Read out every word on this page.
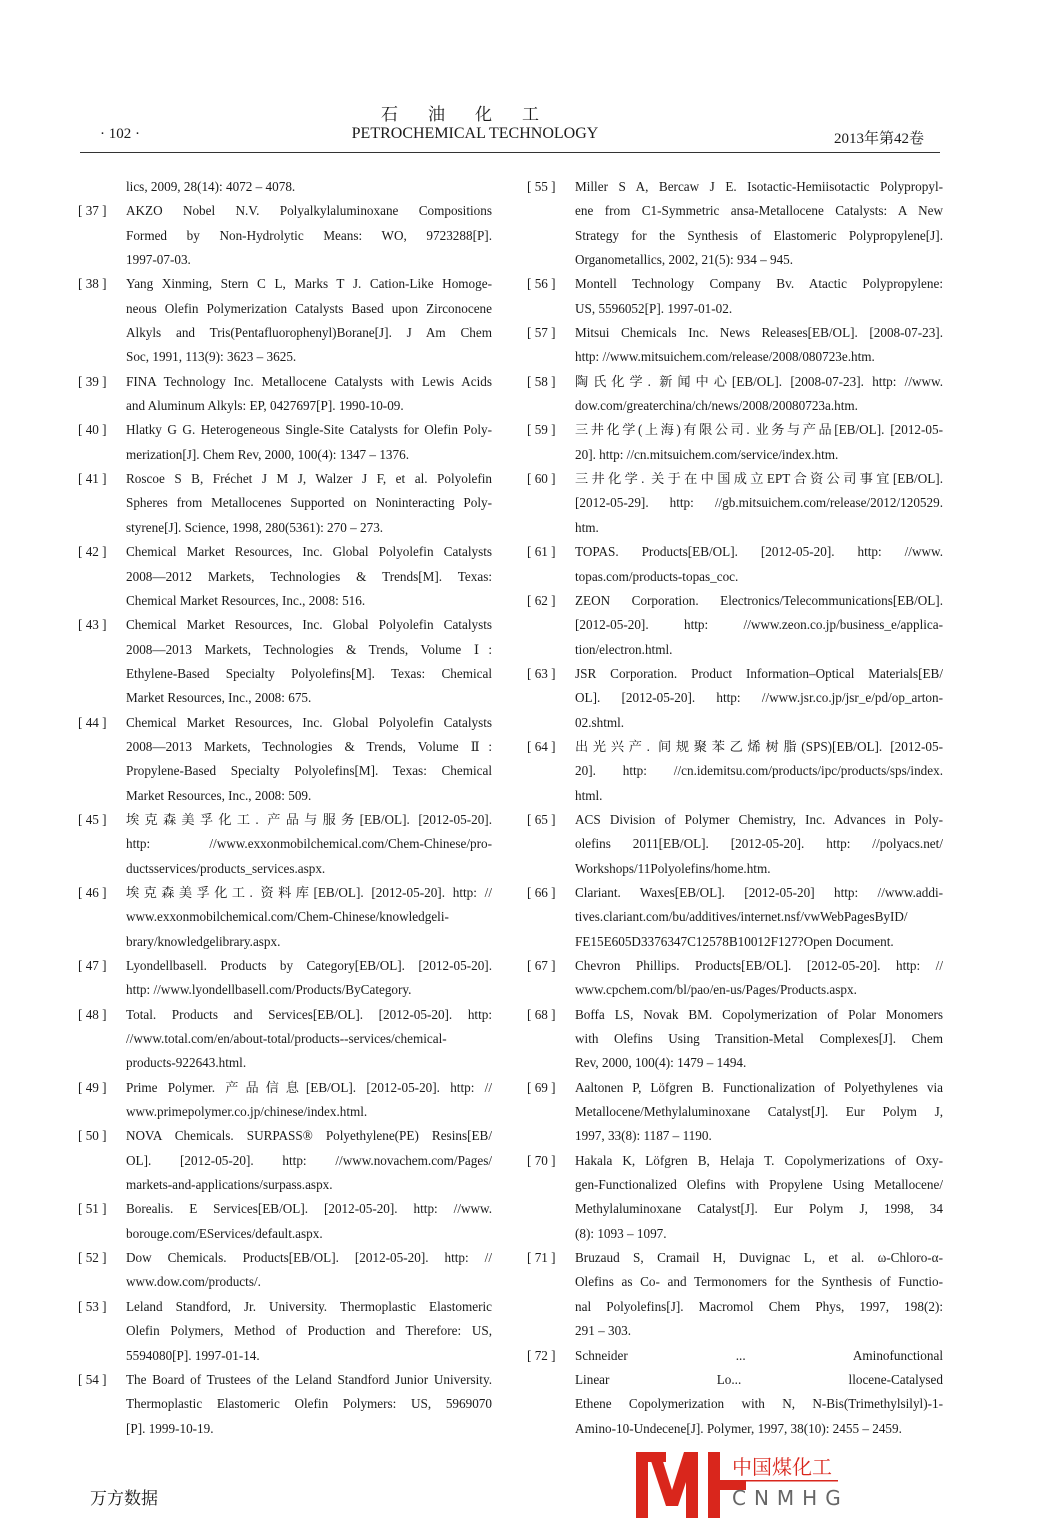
石油化工
PETROCHEMICAL TECHNOLOGY
· 102 ·	2013年第42卷
lics, 2009, 28(14): 4072 – 4078.
[ 37 ] AKZO Nobel N.V. Polyalkylaluminoxane Compositions
Formed by Non-Hydrolytic Means: WO, 9723288[P].
1997-07-03.
[ 38 ] Yang Xinming, Stern C L, Marks T J. Cation-Like Homoge-
neous Olefin Polymerization Catalysts Based upon Zirconocene
Alkyls and Tris(Pentafluorophenyl)Borane[J]. J Am Chem
Soc, 1991, 113(9): 3623 – 3625.
[ 39 ] FINA Technology Inc. Metallocene Catalysts with Lewis Acids
and Aluminum Alkyls: EP, 0427697[P]. 1990-10-09.
[ 40 ] Hlatky G G. Heterogeneous Single-Site Catalysts for Olefin Poly-
merization[J]. Chem Rev, 2000, 100(4): 1347 – 1376.
[ 41 ] Roscoe S B, Fréchet J M J, Walzer J F, et al. Polyolefin
Spheres from Metallocenes Supported on Noninteracting Poly-
styrene[J]. Science, 1998, 280(5361): 270 – 273.
[ 42 ] Chemical Market Resources, Inc. Global Polyolefin Catalysts
2008—2012 Markets, Technologies & Trends[M]. Texas:
Chemical Market Resources, Inc., 2008: 516.
[ 43 ] Chemical Market Resources, Inc. Global Polyolefin Catalysts
2008—2013 Markets, Technologies & Trends, Volume Ⅰ:
Ethylene-Based Specialty Polyolefins[M]. Texas: Chemical
Market Resources, Inc., 2008: 675.
[ 44 ] Chemical Market Resources, Inc. Global Polyolefin Catalysts
2008—2013 Markets, Technologies & Trends, Volume Ⅱ:
Propylene-Based Specialty Polyolefins[M]. Texas: Chemical
Market Resources, Inc., 2008: 509.
[ 45 ] 埃克森美孚化工. 产品与服务[EB/OL]. [2012-05-20].
http: //www.exxonmobilchemical.com/Chem-Chinese/pro-
ductsservices/products_services.aspx.
[ 46 ] 埃克森美孚化工. 资料库[EB/OL]. [2012-05-20]. http: //
www.exxonmobilchemical.com/Chem-Chinese/knowledgeli-
brary/knowledgelibrary.aspx.
[ 47 ] Lyondellbasell. Products by Category[EB/OL]. [2012-05-20].
http: //www.lyondellbasell.com/Products/ByCategory.
[ 48 ] Total. Products and Services[EB/OL]. [2012-05-20]. http:
//www.total.com/en/about-total/products--services/chemical-
products-922643.html.
[ 49 ] Prime Polymer. 产品信息[EB/OL]. [2012-05-20]. http: //
www.primepolymer.co.jp/chinese/index.html.
[ 50 ] NOVA Chemicals. SURPASS® Polyethylene(PE) Resins[EB/
OL]. [2012-05-20]. http: //www.novachem.com/Pages/
markets-and-applications/surpass.aspx.
[ 51 ] Borealis. E Services[EB/OL]. [2012-05-20]. http: //www.
borouge.com/EServices/default.aspx.
[ 52 ] Dow Chemicals. Products[EB/OL]. [2012-05-20]. http: //
www.dow.com/products/.
[ 53 ] Leland Standford, Jr. University. Thermoplastic Elastomeric
Olefin Polymers, Method of Production and Therefore: US,
5594080[P]. 1997-01-14.
[ 54 ] The Board of Trustees of the Leland Standford Junior University.
Thermoplastic Elastomeric Olefin Polymers: US, 5969070
[P]. 1999-10-19.
[ 55 ] Miller S A, Bercaw J E. Isotactic-Hemiisotactic Polypropyl-
ene from C1-Symmetric ansa-Metallocene Catalysts: A New
Strategy for the Synthesis of Elastomeric Polypropylene[J].
Organometallics, 2002, 21(5): 934 – 945.
[ 56 ] Montell Technology Company Bv. Atactic Polypropylene:
US, 5596052[P]. 1997-01-02.
[ 57 ] Mitsui Chemicals Inc. News Releases[EB/OL]. [2008-07-23].
http: //www.mitsuichem.com/release/2008/080723e.htm.
[ 58 ] 陶氏化学. 新闻中心[EB/OL]. [2008-07-23]. http: //www.
dow.com/greaterchina/ch/news/2008/20080723a.htm.
[ 59 ] 三井化学(上海)有限公司. 业务与产品[EB/OL]. [2012-05-
20]. http: //cn.mitsuichem.com/service/index.htm.
[ 60 ] 三井化学. 关于在中国成立EPT合资公司事宜[EB/OL].
[2012-05-29]. http: //gb.mitsuichem.com/release/2012/120529.
htm.
[ 61 ] TOPAS. Products[EB/OL]. [2012-05-20]. http: //www.
topas.com/products-topas_coc.
[ 62 ] ZEON Corporation. Electronics/Telecommunications[EB/OL].
[2012-05-20]. http: //www.zeon.co.jp/business_e/applica-
tion/electron.html.
[ 63 ] JSR Corporation. Product Information–Optical Materials[EB/
OL]. [2012-05-20]. http: //www.jsr.co.jp/jsr_e/pd/op_arton-
02.shtml.
[ 64 ] 出光兴产. 间规聚苯乙烯树脂(SPS)[EB/OL]. [2012-05-
20]. http: //cn.idemitsu.com/products/ipc/products/sps/index.
html.
[ 65 ] ACS Division of Polymer Chemistry, Inc. Advances in Poly-
olefins 2011[EB/OL]. [2012-05-20]. http: //polyacs.net/
Workshops/11Polyolefins/home.htm.
[ 66 ] Clariant. Waxes[EB/OL]. [2012-05-20] http: //www.addi-
tives.clariant.com/bu/additives/internet.nsf/vwWebPagesByID/
FE15E605D3376347C12578B10012F127?Open Document.
[ 67 ] Chevron Phillips. Products[EB/OL]. [2012-05-20]. http: //
www.cpchem.com/bl/pao/en-us/Pages/Products.aspx.
[ 68 ] Boffa LS, Novak BM. Copolymerization of Polar Monomers
with Olefins Using Transition-Metal Complexes[J]. Chem
Rev, 2000, 100(4): 1479 – 1494.
[ 69 ] Aaltonen P, Löfgren B. Functionalization of Polyethylenes via
Metallocene/Methylaluminoxane Catalyst[J]. Eur Polym J,
1997, 33(8): 1187 – 1190.
[ 70 ] Hakala K, Löfgren B, Helaja T. Copolymerizations of Oxy-
gen-Functionalized Olefins with Propylene Using Metallocene/
Methylaluminoxane Catalyst[J]. Eur Polym J, 1998, 34
(8): 1093 – 1097.
[ 71 ] Bruzaud S, Cramail H, Duvignac L, et al. ω-Chloro-α-
Olefins as Co- and Termonomers for the Synthesis of Functio-
nal Polyolefins[J]. Macromol Chem Phys, 1997, 198(2):
291 – 303.
[ 72 ] Schneider ... Aminofunctional
Linear Lo... llocene-Catalysed
Ethene Copolymerization with N, N-Bis(Trimethylsilyl)-1-
Amino-10-Undecene[J]. Polymer, 1997, 38(10): 2455 – 2459.
中国煤化工
CNMHG
万方数据
